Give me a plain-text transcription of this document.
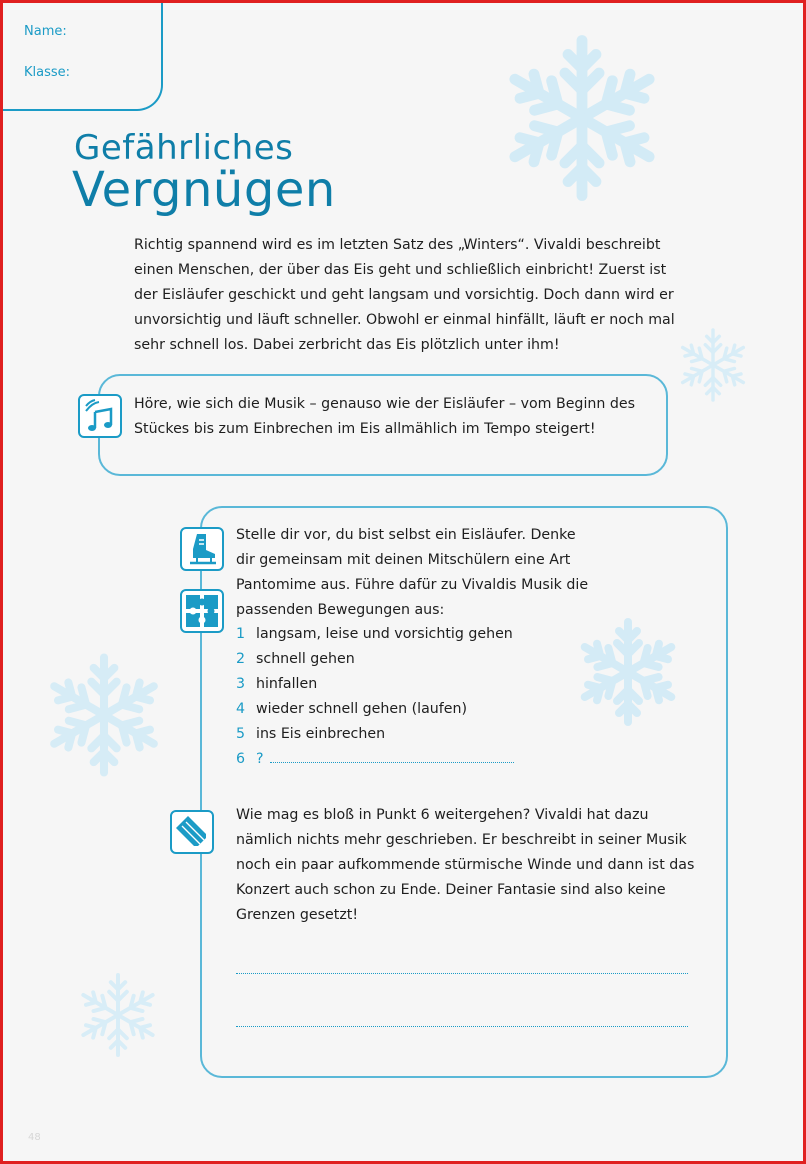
Name:
Klasse:
Gefährliches
Vergnügen
Richtig spannend wird es im letzten Satz des „Winters“. Vivaldi beschreibt einen Menschen, der über das Eis geht und schließlich einbricht! Zuerst ist der Eisläufer geschickt und geht langsam und vorsichtig. Doch dann wird er unvorsichtig und läuft schneller. Obwohl er einmal hinfällt, läuft er noch mal sehr schnell los. Dabei zerbricht das Eis plötzlich unter ihm!
Höre, wie sich die Musik – genauso wie der Eisläufer – vom Beginn des Stückes bis zum Einbrechen im Eis allmählich im Tempo steigert!
Stelle dir vor, du bist selbst ein Eisläufer. Denke dir gemeinsam mit deinen Mitschülern eine Art Pantomime aus. Führe dafür zu Vivaldis Musik die passenden Bewegungen aus:
1 langsam, leise und vorsichtig gehen
2 schnell gehen
3 hinfallen
4 wieder schnell gehen (laufen)
5 ins Eis einbrechen
6 ?
Wie mag es bloß in Punkt 6 weitergehen? Vivaldi hat dazu nämlich nichts mehr geschrieben. Er beschreibt in seiner Musik noch ein paar aufkommende stürmische Winde und dann ist das Konzert auch schon zu Ende. Deiner Fantasie sind also keine Grenzen gesetzt!
48
